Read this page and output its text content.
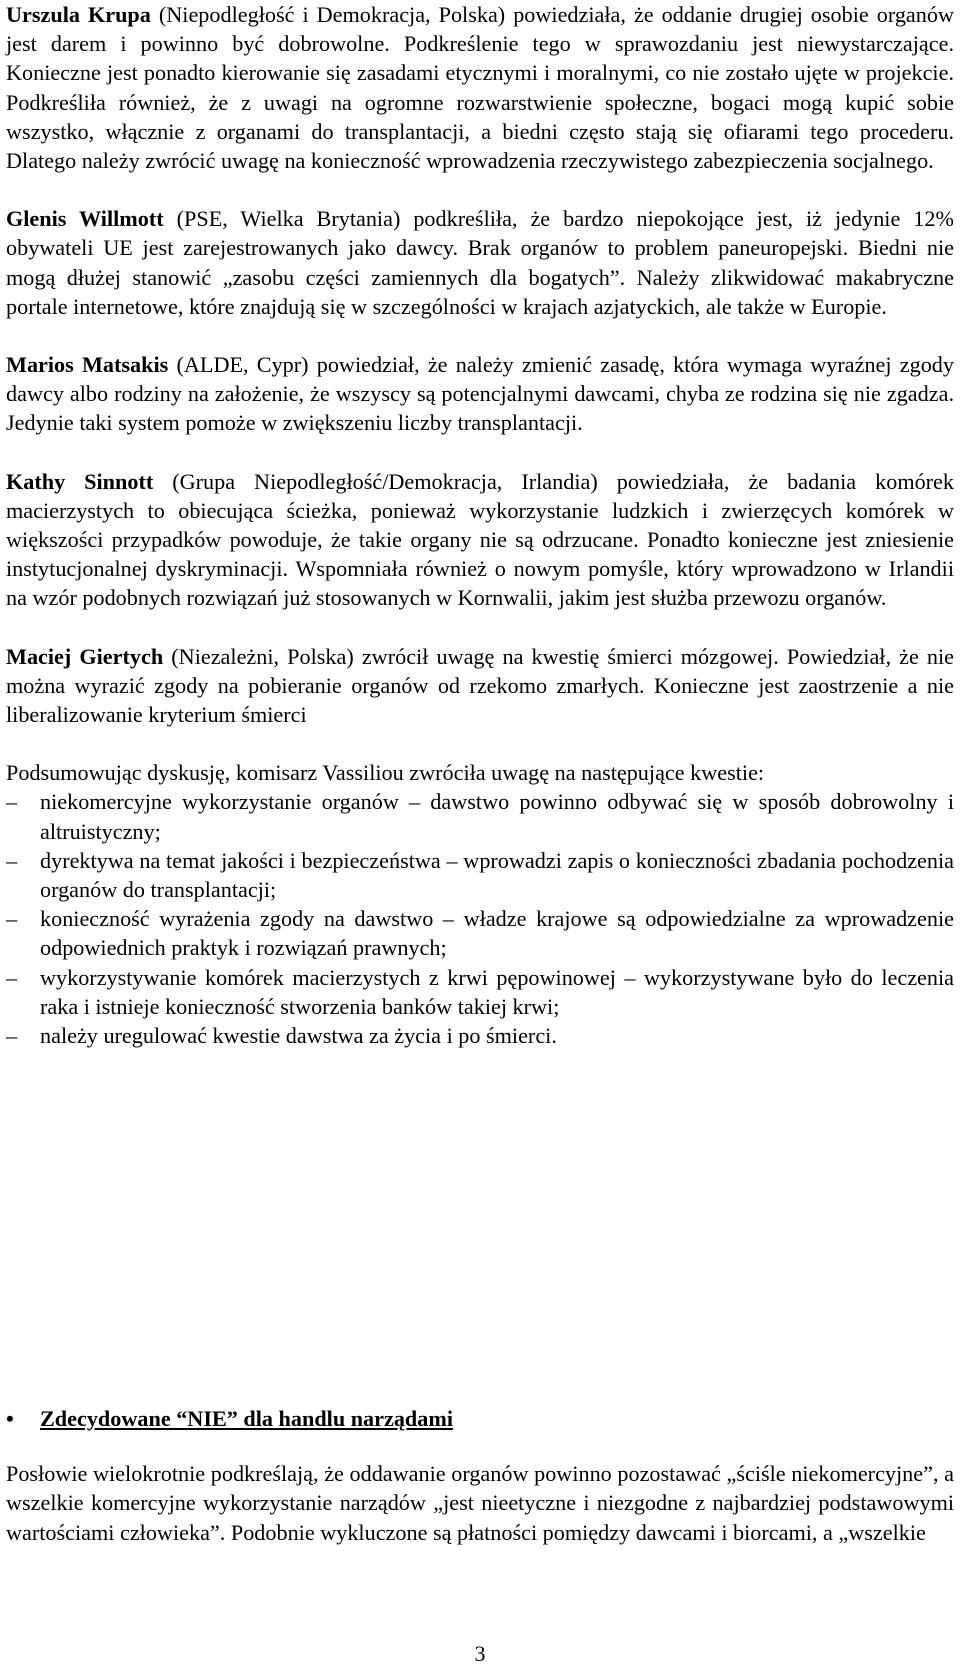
Urszula Krupa (Niepodległość i Demokracja, Polska) powiedziała, że oddanie drugiej osobie organów jest darem i powinno być dobrowolne. Podkreślenie tego w sprawozdaniu jest niewystarczające. Konieczne jest ponadto kierowanie się zasadami etycznymi i moralnymi, co nie zostało ujęte w projekcie. Podkreśliła również, że z uwagi na ogromne rozwarstwienie społeczne, bogaci mogą kupić sobie wszystko, włącznie z organami do transplantacji, a biedni często stają się ofiarami tego procederu. Dlatego należy zwrócić uwagę na konieczność wprowadzenia rzeczywistego zabezpieczenia socjalnego.

Glenis Willmott (PSE, Wielka Brytania) podkreśliła, że bardzo niepokojące jest, iż jedynie 12% obywateli UE jest zarejestrowanych jako dawcy. Brak organów to problem paneuropejski. Biedni nie mogą dłużej stanowić „zasobu części zamiennych dla bogatych”. Należy zlikwidować makabryczne portale internetowe, które znajdują się w szczególności w krajach azjatyckich, ale także w Europie.

Marios Matsakis (ALDE, Cypr) powiedział, że należy zmienić zasadę, która wymaga wyraźnej zgody dawcy albo rodziny na założenie, że wszyscy są potencjalnymi dawcami, chyba ze rodzina się nie zgadza. Jedynie taki system pomoże w zwiększeniu liczby transplantacji.

Kathy Sinnott (Grupa Niepodległość/Demokracja, Irlandia) powiedziała, że badania komórek macierzystych to obiecująca ścieżka, ponieważ wykorzystanie ludzkich i zwierzęcych komórek w większości przypadków powoduje, że takie organy nie są odrzucane. Ponadto konieczne jest zniesienie instytucjonalnej dyskryminacji. Wspomniała również o nowym pomyśle, który wprowadzono w Irlandii na wzór podobnych rozwiązań już stosowanych w Kornwalii, jakim jest służba przewozu organów.

Maciej Giertych (Niezależni, Polska) zwrócił uwagę na kwestię śmierci mózgowej. Powiedział, że nie można wyrazić zgody na pobieranie organów od rzekomo zmarłych. Konieczne jest zaostrzenie a nie liberalizowanie kryterium śmierci

Podsumowując dyskusję, komisarz Vassiliou zwróciła uwagę na następujące kwestie:

–	niekomercyjne wykorzystanie organów – dawstwo powinno odbywać się w sposób dobrowolny i altruistyczny;
–	dyrektywa na temat jakości i bezpieczeństwa – wprowadzi zapis o konieczności zbadania pochodzenia organów do transplantacji;
–	konieczność wyrażenia zgody na dawstwo – władze krajowe są odpowiedzialne za wprowadzenie odpowiednich praktyk i rozwiązań prawnych;
–	wykorzystywanie komórek macierzystych z krwi pępowinowej – wykorzystywane było do leczenia raka i istnieje konieczność stworzenia banków takiej krwi;
–	należy uregulować kwestie dawstwa za życia i po śmierci.
• Zdecydowane “NIE” dla handlu narządami

Posłowie wielokrotnie podkreślają, że oddawanie organów powinno pozostawać „ściśle niekomercyjne”, a wszelkie komercyjne wykorzystanie narządów „jest nieetyczne i niezgodne z najbardziej podstawowymi wartościami człowieka”. Podobnie wykluczone są płatności pomiędzy dawcami i biorcami, a „wszelkie

3
